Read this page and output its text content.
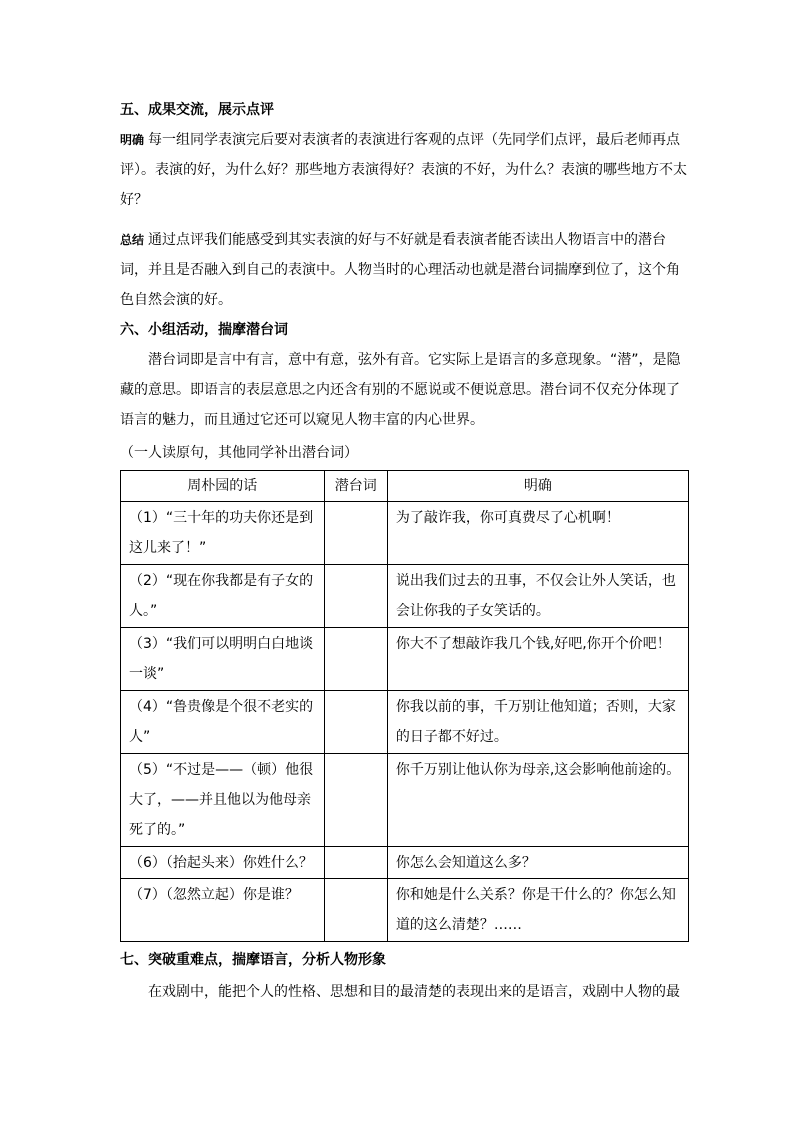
五、成果交流，展示点评
明确 每一组同学表演完后要对表演者的表演进行客观的点评（先同学们点评，最后老师再点评）。表演的好，为什么好？那些地方表演得好？表演的不好，为什么？表演的哪些地方不太好？
总结 通过点评我们能感受到其实表演的好与不好就是看表演者能否读出人物语言中的潜台词，并且是否融入到自己的表演中。人物当时的心理活动也就是潜台词揣摩到位了，这个角色自然会演的好。
六、小组活动，揣摩潜台词
潜台词即是言中有言，意中有意，弦外有音。它实际上是语言的多意现象。“潜”，是隐藏的意思。即语言的表层意思之内还含有别的不愿说或不便说意思。潜台词不仅充分体现了语言的魅力，而且通过它还可以窥见人物丰富的内心世界。
（一人读原句，其他同学补出潜台词）
周朴园的话	潜台词	明确
（1）“三十年的功夫你还是到这儿来了！”		为了敲诈我，你可真费尽了心机啊！
（2）“现在你我都是有子女的人。”		说出我们过去的丑事，不仅会让外人笑话，也会让你我的子女笑话的。
（3）“我们可以明明白白地谈一谈”		你大不了想敲诈我几个钱,好吧,你开个价吧！
（4）“鲁贵像是个很不老实的人”		你我以前的事，千万别让他知道；否则，大家的日子都不好过。
（5）“不过是——（顿）他很大了，——并且他以为他母亲死了的。”		你千万别让他认你为母亲,这会影响他前途的。
（6）（抬起头来）你姓什么？		你怎么会知道这么多？
（7）（忽然立起）你是谁？		你和她是什么关系？你是干什么的？你怎么知道的这么清楚？……
七、突破重难点，揣摩语言，分析人物形象
在戏剧中，能把个人的性格、思想和目的最清楚的表现出来的是语言，戏剧中人物的最
